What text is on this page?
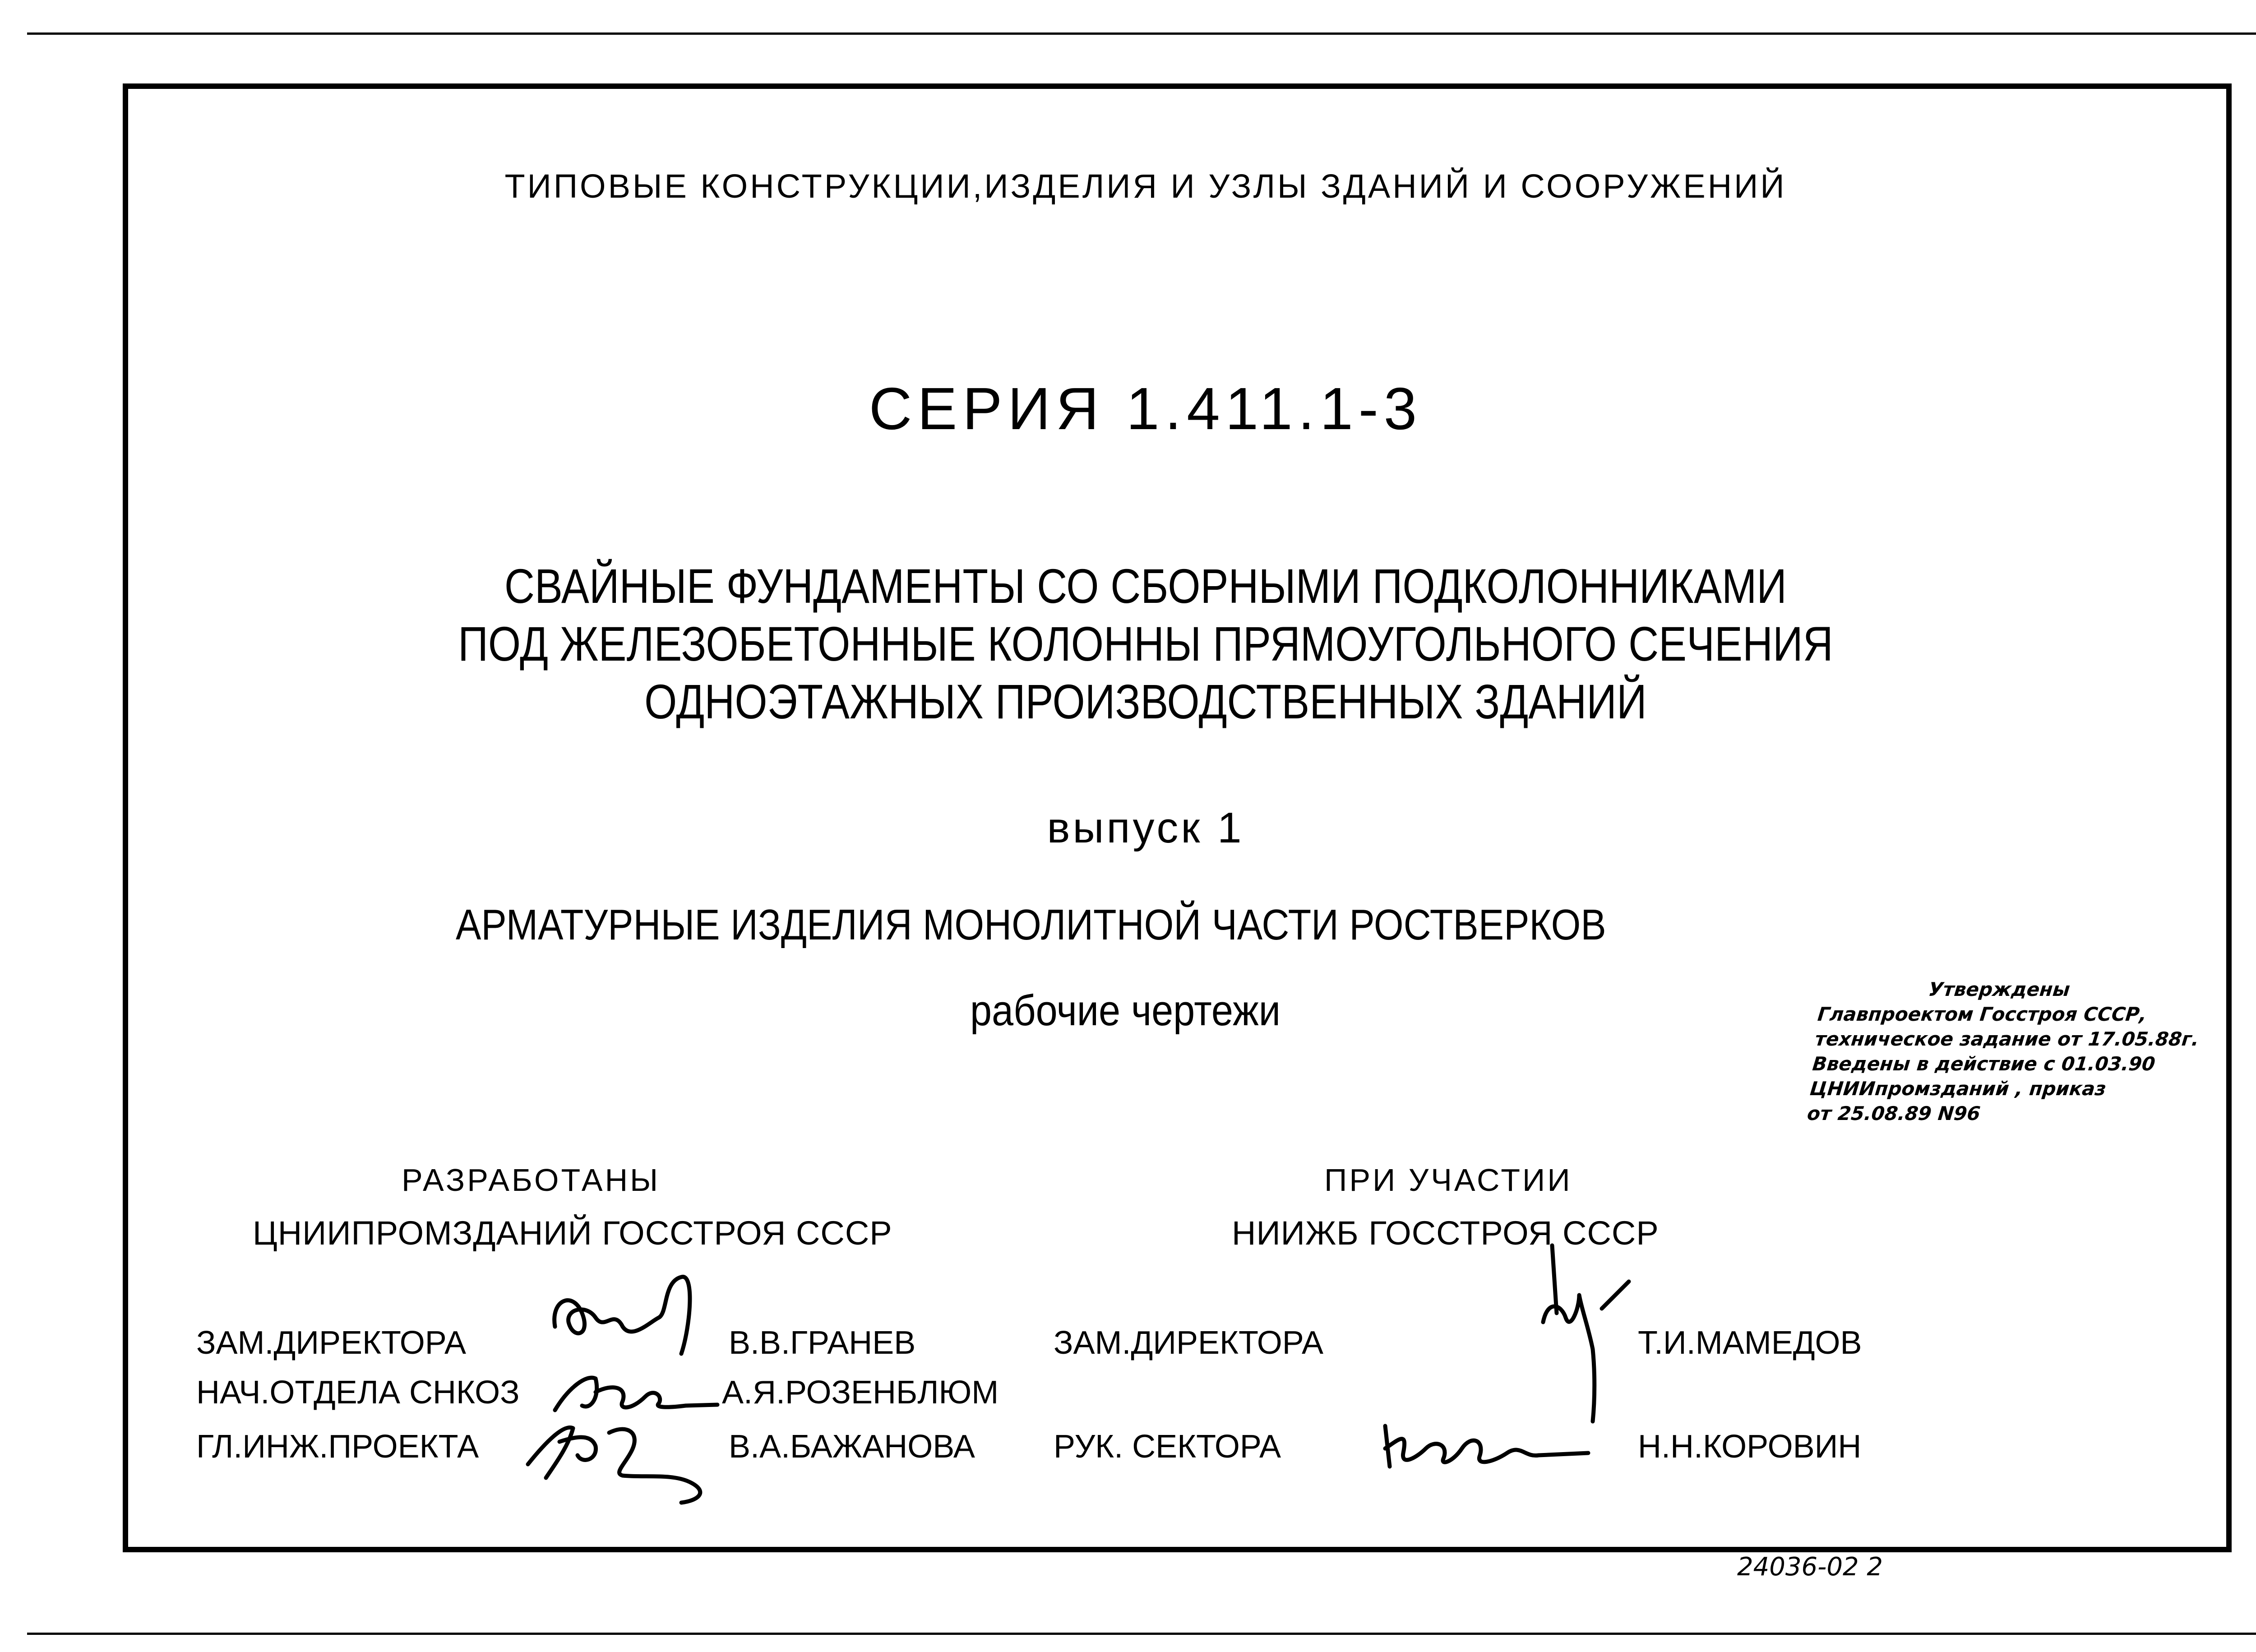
ТИПОВЫЕ КОНСТРУКЦИИ,ИЗДЕЛИЯ И УЗЛЫ ЗДАНИЙ И СООРУЖЕНИЙ
СЕРИЯ 1.411.1-3
СВАЙНЫЕ ФУНДАМЕНТЫ СО СБОРНЫМИ ПОДКОЛОННИКАМИ
ПОД ЖЕЛЕЗОБЕТОННЫЕ КОЛОННЫ ПРЯМОУГОЛЬНОГО СЕЧЕНИЯ
ОДНОЭТАЖНЫХ ПРОИЗВОДСТВЕННЫХ ЗДАНИЙ
выпуск 1
АРМАТУРНЫЕ ИЗДЕЛИЯ МОНОЛИТНОЙ ЧАСТИ РОСТВЕРКОВ
рабочие чертежи	Утверждены
Главпроектом Госстроя СССР,
техническое задание от 17.05.88г.
Введены в действие с 01.03.90
ЦНИИпромзданий , приказ
от 25.08.89 N96
РАЗРАБОТАНЫ
ЦНИИПРОМЗДАНИЙ ГОССТРОЯ СССР
ЗАМ.ДИРЕКТОРА	В.В.ГРАНЕВ
НАЧ.ОТДЕЛА СНКОЗ	А.Я.РОЗЕНБЛЮМ
ГЛ.ИНЖ.ПРОЕКТА	В.А.БАЖАНОВА
ПРИ УЧАСТИИ
НИИЖБ ГОССТРОЯ СССР
ЗАМ.ДИРЕКТОРА	Т.И.МАМЕДОВ
РУК. СЕКТОРА	Н.Н.КОРОВИН
24036-02 2
